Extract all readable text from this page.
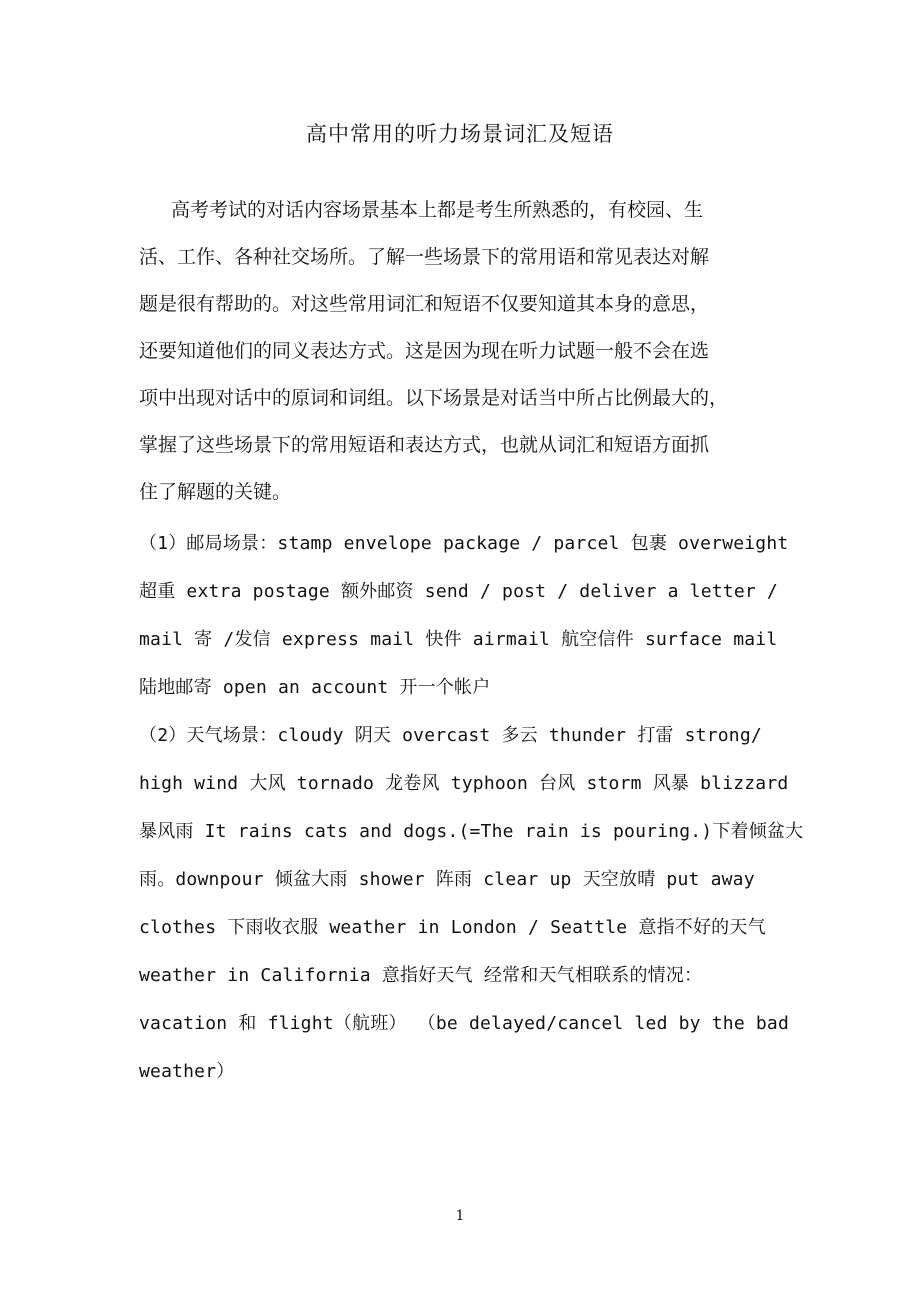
高中常用的听力场景词汇及短语
高考考试的对话内容场景基本上都是考生所熟悉的，有校园、生
活、工作、各种社交场所。了解一些场景下的常用语和常见表达对解
题是很有帮助的。对这些常用词汇和短语不仅要知道其本身的意思，
还要知道他们的同义表达方式。这是因为现在听力试题一般不会在选
项中出现对话中的原词和词组。以下场景是对话当中所占比例最大的，
掌握了这些场景下的常用短语和表达方式，也就从词汇和短语方面抓
住了解题的关键。
（1）邮局场景：stamp envelope package / parcel 包裹 overweight
超重 extra postage 额外邮资 send / post / deliver a letter /
mail 寄 /发信 express mail 快件 airmail 航空信件 surface mail
陆地邮寄 open an account 开一个帐户
（2）天气场景：cloudy 阴天 overcast 多云 thunder 打雷 strong/
high wind 大风 tornado 龙卷风 typhoon 台风 storm 风暴 blizzard
暴风雨 It rains cats and dogs.(=The rain is pouring.)下着倾盆大
雨。downpour 倾盆大雨 shower 阵雨 clear up 天空放晴 put away
clothes 下雨收衣服 weather in London / Seattle 意指不好的天气
weather in California 意指好天气 经常和天气相联系的情况：
vacation 和 flight（航班） （be delayed/cancel led by the bad
weather）
1
